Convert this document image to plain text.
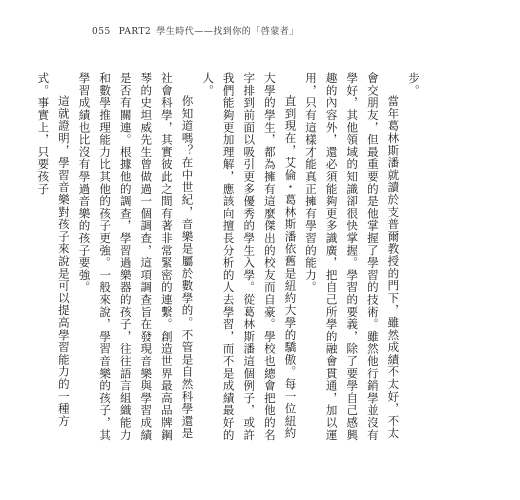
055 PART2 學生時代——找到你的「啓蒙者」

步。

當年葛林斯潘就讀於支普爾教授的門下，雖然成績不太好，不太會交朋友，但最重要的是他掌握了學習的技術。雖然他行銷學並沒有學好，其他領域的知識卻很快掌握。學習的要義，除了要學自己感興趣的內容外，還必須能夠更多識廣，把自己所學的融會貫通，加以運用，只有這樣才能真正擁有學習的能力。

直到現在，艾倫・葛林斯潘依舊是紐約大學的驕傲。每一位紐約大學的學生，都為擁有這麼傑出的校友而自豪。學校也總會把他的名字排到前面以吸引更多優秀的學生入學。從葛林斯潘這個例子，或許我們能夠更加理解，應該向擅長分析的人去學習，而不是成績最好的人。

你知道嗎？在中世紀，音樂是屬於數學的。不管是自然科學還是社會科學，其實彼此之間有著非常緊密的連繫。創造世界最高品牌鋼琴的史坦威先生曾做過一個調查，這項調查旨在發現音樂與學習成績是否有關連。根據他的調查，學習過樂器的孩子，往往語言組織能力和數學推理能力比其他的孩子更強。一般來說，學習音樂的孩子，其學習成績也比沒有學過音樂的孩子要強。

這就證明，學習音樂對孩子來說是可以提高學習能力的一種方式。事實上，只要孩子
